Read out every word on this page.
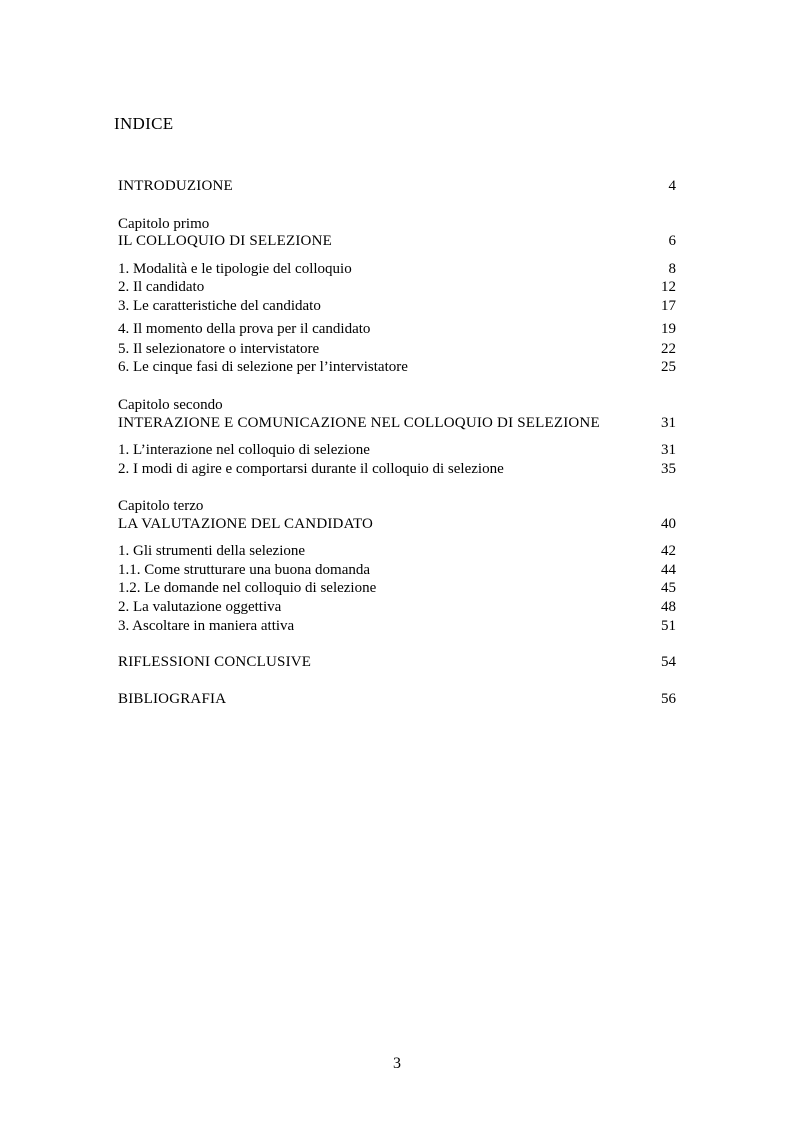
INDICE
INTRODUZIONE	4
Capitolo primo
IL COLLOQUIO DI SELEZIONE	6
1. Modalità e le tipologie del colloquio	8
2. Il candidato	12
3. Le caratteristiche del candidato	17
4. Il momento della prova per il candidato	19
5. Il selezionatore o intervistatore	22
6. Le cinque fasi di selezione per l’intervistatore	25
Capitolo secondo
INTERAZIONE E COMUNICAZIONE NEL COLLOQUIO DI SELEZIONE	31
1. L’interazione nel colloquio di selezione	31
2. I modi di agire e comportarsi durante il colloquio di selezione	35
Capitolo terzo
LA VALUTAZIONE DEL CANDIDATO	40
1. Gli strumenti della selezione	42
1.1. Come strutturare una buona domanda	44
1.2. Le domande nel colloquio di selezione	45
2. La valutazione oggettiva	48
3. Ascoltare in maniera attiva	51
RIFLESSIONI CONCLUSIVE	54
BIBLIOGRAFIA	56
3
